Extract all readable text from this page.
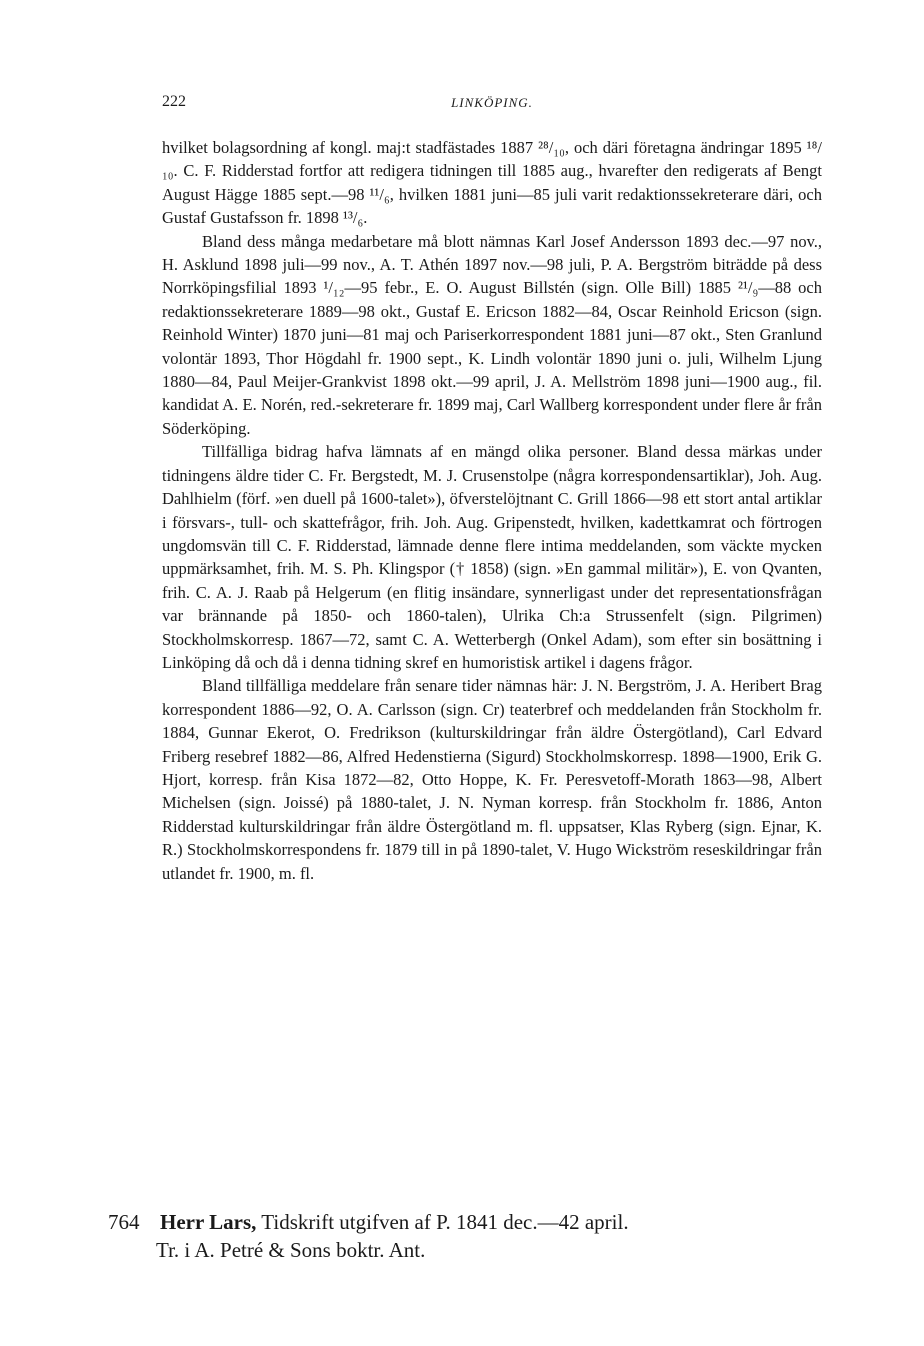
222	LINKÖPING.

hvilket bolagsordning af kongl. maj:t stadfästades 1887 ²⁸/₁₀, och däri företagna ändringar 1895 ¹⁸/₁₀. C. F. Ridderstad fortfor att redigera tidningen till 1885 aug., hvarefter den redigerats af Bengt August Hägge 1885 sept.—98 ¹¹/₆, hvilken 1881 juni—85 juli varit redaktionssekreterare däri, och Gustaf Gustafsson fr. 1898 ¹³/₆.

Bland dess många medarbetare må blott nämnas Karl Josef Andersson 1893 dec.—97 nov., H. Asklund 1898 juli—99 nov., A. T. Athén 1897 nov.—98 juli, P. A. Bergström biträdde på dess Norrköpingsfilial 1893 ¹/₁₂—95 febr., E. O. August Billstén (sign. Olle Bill) 1885 ²¹/₉—88 och redaktionssekreterare 1889—98 okt., Gustaf E. Ericson 1882—84, Oscar Reinhold Ericson (sign. Reinhold Winter) 1870 juni—81 maj och Pariserkorrespondent 1881 juni—87 okt., Sten Granlund volontär 1893, Thor Högdahl fr. 1900 sept., K. Lindh volontär 1890 juni o. juli, Wilhelm Ljung 1880—84, Paul Meijer-Grankvist 1898 okt.—99 april, J. A. Mellström 1898 juni—1900 aug., fil. kandidat A. E. Norén, red.-sekreterare fr. 1899 maj, Carl Wallberg korrespondent under flere år från Söderköping.

Tillfälliga bidrag hafva lämnats af en mängd olika personer. Bland dessa märkas under tidningens äldre tider C. Fr. Bergstedt, M. J. Crusenstolpe (några korrespondensartiklar), Joh. Aug. Dahlhielm (förf. »en duell på 1600-talet»), öfverstelöjtnant C. Grill 1866—98 ett stort antal artiklar i försvars-, tull- och skattefrågor, frih. Joh. Aug. Gripenstedt, hvilken, kadettkamrat och förtrogen ungdomsvän till C. F. Ridderstad, lämnade denne flere intima meddelanden, som väckte mycken uppmärksamhet, frih. M. S. Ph. Klingspor († 1858) (sign. »En gammal militär»), E. von Qvanten, frih. C. A. J. Raab på Helgerum (en flitig insändare, synnerligast under det representationsfrågan var brännande på 1850- och 1860-talen), Ulrika Ch:a Strussenfelt (sign. Pilgrimen) Stockholmskorresp. 1867—72, samt C. A. Wetterbergh (Onkel Adam), som efter sin bosättning i Linköping då och då i denna tidning skref en humoristisk artikel i dagens frågor.

Bland tillfälliga meddelare från senare tider nämnas här: J. N. Bergström, J. A. Heribert Brag korrespondent 1886—92, O. A. Carlsson (sign. Cr) teaterbref och meddelanden från Stockholm fr. 1884, Gunnar Ekerot, O. Fredrikson (kulturskildringar från äldre Östergötland), Carl Edvard Friberg resebref 1882—86, Alfred Hedenstierna (Sigurd) Stockholmskorresp. 1898—1900, Erik G. Hjort, korresp. från Kisa 1872—82, Otto Hoppe, K. Fr. Peresvetoff-Morath 1863—98, Albert Michelsen (sign. Joissé) på 1880-talet, J. N. Nyman korresp. från Stockholm fr. 1886, Anton Ridderstad kulturskildringar från äldre Östergötland m. fl. uppsatser, Klas Ryberg (sign. Ejnar, K. R.) Stockholmskorrespondens fr. 1879 till in på 1890-talet, V. Hugo Wickström reseskildringar från utlandet fr. 1900, m. fl.

764 Herr Lars, Tidskrift utgifven af P. 1841 dec.—42 april.
Tr. i A. Petré & Sons boktr. Ant.
